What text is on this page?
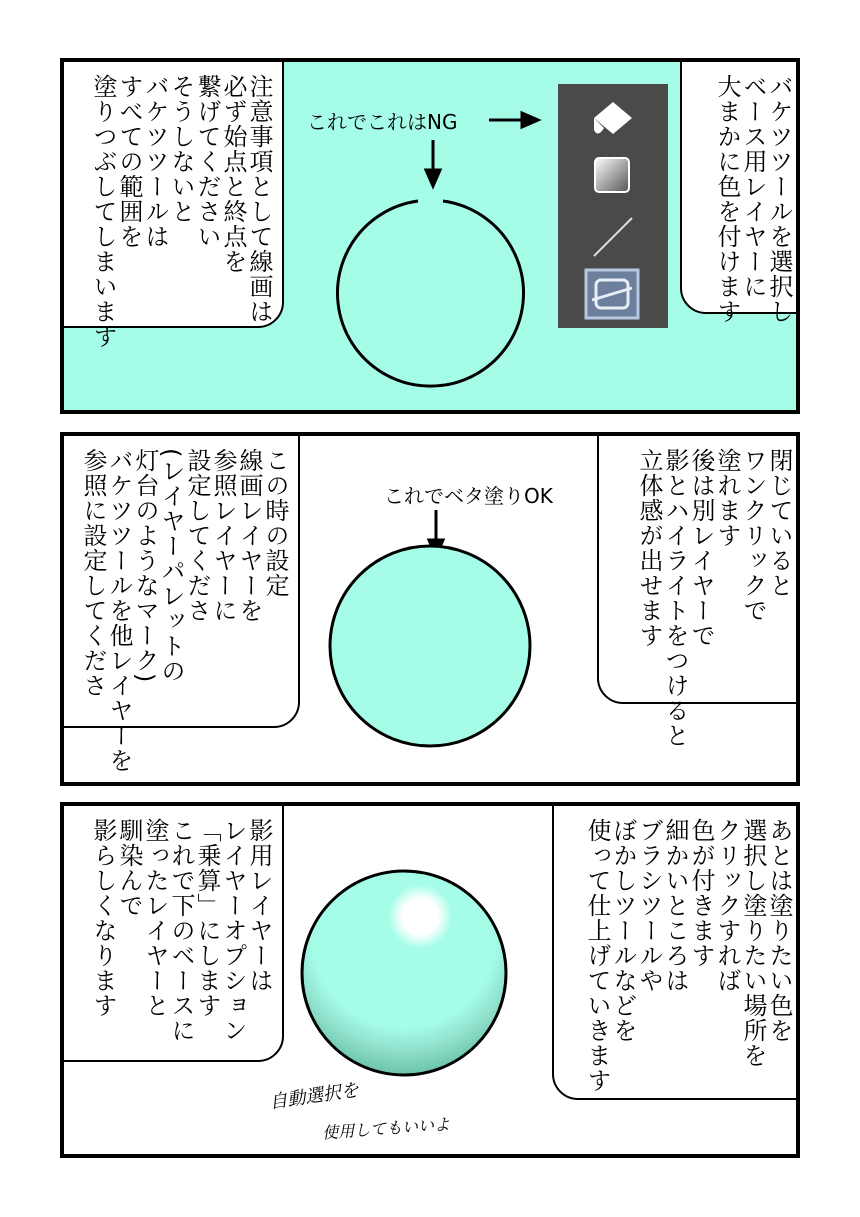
注意事項として線画は
必ず始点と終点を
繋げてください
そうしないと
バケツツールは
すべての範囲を
塗りつぶしてしまいます	バケツツールを選択し
ベース用レイヤーに
大まかに色を付けます
これでこれはNG
この時の設定
線画レイヤーを
参照レイヤーに
設定してくださ
(レイヤーパレットの
灯台のようなマーク)
バケツツールを他レイヤーを
参照に設定してくださ	閉じていると
ワンクリックで
塗れます
後は別レイヤーで
影とハイライトをつけると
立体感が出せます
これでベタ塗りOK
影用レイヤーは
レイヤーオプション
「乗算」にします
これで下のベースに
塗ったレイヤーと
馴染んで
影らしくなります	あとは塗りたい色を
選択し塗りたい場所を
クリックすれば
色が付きます
細かいところは
ブラシツールや
ぼかしツールなどを
使って仕上げていきます
自動選択を
使用してもいいよ
